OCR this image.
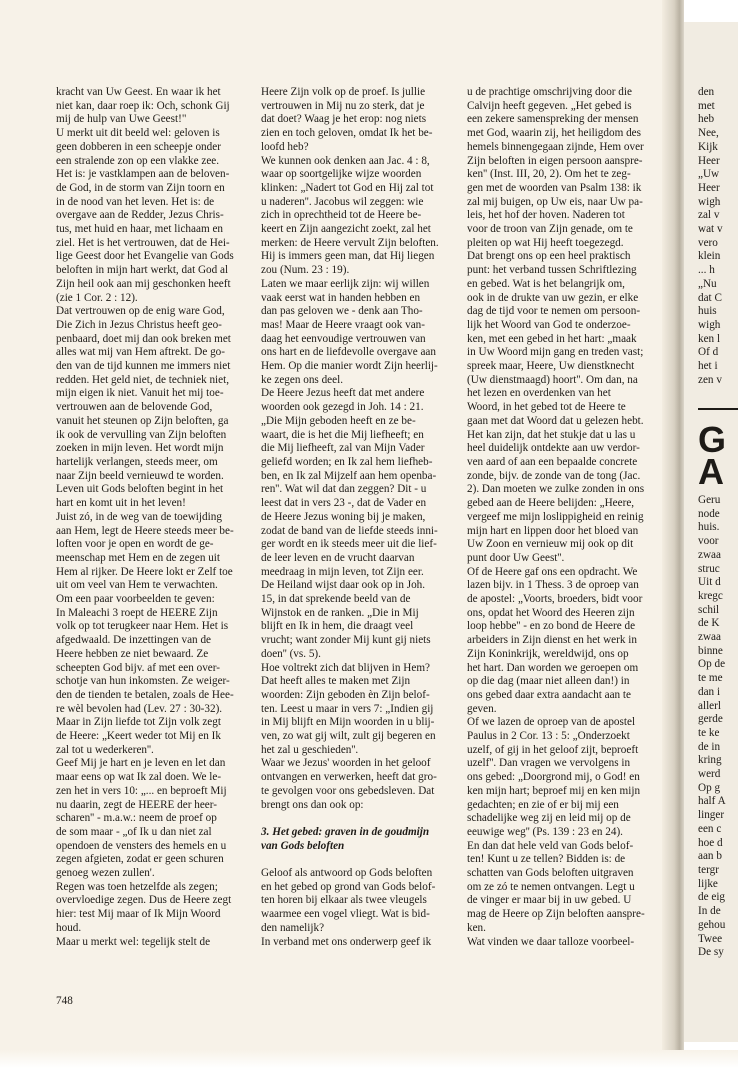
kracht van Uw Geest. En waar ik het

niet kan, daar roep ik: Och, schonk Gij

mij de hulp van Uwe Geest!"

U merkt uit dit beeld wel: geloven is

geen dobberen in een scheepje onder

een stralende zon op een vlakke zee.

Het is: je vastklampen aan de beloven-

de God, in de storm van Zijn toorn en

in de nood van het leven. Het is: de

overgave aan de Redder, Jezus Chris-

tus, met huid en haar, met lichaam en

ziel. Het is het vertrouwen, dat de Hei-

lige Geest door het Evangelie van Gods

beloften in mijn hart werkt, dat God al

Zijn heil ook aan mij geschonken heeft

(zie 1 Cor. 2 : 12).

Dat vertrouwen op de enig ware God,

Die Zich in Jezus Christus heeft geo-

penbaard, doet mij dan ook breken met

alles wat mij van Hem aftrekt. De go-

den van de tijd kunnen me immers niet

redden. Het geld niet, de techniek niet,

mijn eigen ik niet. Vanuit het mij toe-

vertrouwen aan de belovende God,

vanuit het steunen op Zijn beloften, ga

ik ook de vervulling van Zijn beloften

zoeken in mijn leven. Het wordt mijn

hartelijk verlangen, steeds meer, om

naar Zijn beeld vernieuwd te worden.

Leven uit Gods beloften begint in het

hart en komt uit in het leven!

Juist zó, in de weg van de toewijding

aan Hem, legt de Heere steeds meer be-

loften voor je open en wordt de ge-

meenschap met Hem en de zegen uit

Hem al rijker. De Heere lokt er Zelf toe

uit om veel van Hem te verwachten.

Om een paar voorbeelden te geven:

In Maleachi 3 roept de HEERE Zijn

volk op tot terugkeer naar Hem. Het is

afgedwaald. De inzettingen van de

Heere hebben ze niet bewaard. Ze

scheepten God bijv. af met een over-

schotje van hun inkomsten. Ze weiger-

den de tienden te betalen, zoals de Hee-

re wèl bevolen had (Lev. 27 : 30-32).

Maar in Zijn liefde tot Zijn volk zegt

de Heere: „Keert weder tot Mij en Ik

zal tot u wederkeren''.

Geef Mij je hart en je leven en let dan

maar eens op wat Ik zal doen. We le-

zen het in vers 10: „... en beproeft Mij

nu daarin, zegt de HEERE der heer-

scharen'' - m.a.w.: neem de proef op

de som maar - „of Ik u dan niet zal

opendoen de vensters des hemels en u

zegen afgieten, zodat er geen schuren

genoeg wezen zullen'.

Regen was toen hetzelfde als zegen;

overvloedige zegen. Dus de Heere zegt

hier: test Mij maar of Ik Mijn Woord

houd.

Maar u merkt wel: tegelijk stelt de

Heere Zijn volk op de proef. Is jullie

vertrouwen in Mij nu zo sterk, dat je

dat doet? Waag je het erop: nog niets

zien en toch geloven, omdat Ik het be-

loofd heb?

We kunnen ook denken aan Jac. 4 : 8,

waar op soortgelijke wijze woorden

klinken: „Nadert tot God en Hij zal tot

u naderen''. Jacobus wil zeggen: wie

zich in oprechtheid tot de Heere be-

keert en Zijn aangezicht zoekt, zal het

merken: de Heere vervult Zijn beloften.

Hij is immers geen man, dat Hij liegen

zou (Num. 23 : 19).

Laten we maar eerlijk zijn: wij willen

vaak eerst wat in handen hebben en

dan pas geloven we - denk aan Tho-

mas! Maar de Heere vraagt ook van-

daag het eenvoudige vertrouwen van

ons hart en de liefdevolle overgave aan

Hem. Op die manier wordt Zijn heerlij-

ke zegen ons deel.

De Heere Jezus heeft dat met andere

woorden ook gezegd in Joh. 14 : 21.

„Die Mijn geboden heeft en ze be-

waart, die is het die Mij liefheeft; en

die Mij liefheeft, zal van Mijn Vader

geliefd worden; en Ik zal hem liefheb-

ben, en Ik zal Mijzelf aan hem openba-

ren''. Wat wil dat dan zeggen? Dit - u

leest dat in vers 23 -, dat de Vader en

de Heere Jezus woning bij je maken,

zodat de band van de liefde steeds inni-

ger wordt en ik steeds meer uit die lief-

de leer leven en de vrucht daarvan

meedraag in mijn leven, tot Zijn eer.

De Heiland wijst daar ook op in Joh.

15, in dat sprekende beeld van de

Wijnstok en de ranken. „Die in Mij

blijft en Ik in hem, die draagt veel

vrucht; want zonder Mij kunt gij niets

doen'' (vs. 5).

Hoe voltrekt zich dat blijven in Hem?

Dat heeft alles te maken met Zijn

woorden: Zijn geboden èn Zijn belof-

ten. Leest u maar in vers 7: „Indien gij

in Mij blijft en Mijn woorden in u blij-

ven, zo wat gij wilt, zult gij begeren en

het zal u geschieden''.

Waar we Jezus' woorden in het geloof

ontvangen en verwerken, heeft dat gro-

te gevolgen voor ons gebedsleven. Dat

brengt ons dan ook op:

3. Het gebed: graven in de goudmijn

van Gods beloften

Geloof als antwoord op Gods beloften

en het gebed op grond van Gods belof-

ten horen bij elkaar als twee vleugels

waarmee een vogel vliegt. Wat is bid-

den namelijk?

In verband met ons onderwerp geef ik

u de prachtige omschrijving door die

Calvijn heeft gegeven. „Het gebed is

een zekere samenspreking der mensen

met God, waarin zij, het heiligdom des

hemels binnengegaan zijnde, Hem over

Zijn beloften in eigen persoon aanspre-

ken'' (Inst. III, 20, 2). Om het te zeg-

gen met de woorden van Psalm 138: ik

zal mij buigen, op Uw eis, naar Uw pa-

leis, het hof der hoven. Naderen tot

voor de troon van Zijn genade, om te

pleiten op wat Hij heeft toegezegd.

Dat brengt ons op een heel praktisch

punt: het verband tussen Schriftlezing

en gebed. Wat is het belangrijk om,

ook in de drukte van uw gezin, er elke

dag de tijd voor te nemen om persoon-

lijk het Woord van God te onderzoe-

ken, met een gebed in het hart: „maak

in Uw Woord mijn gang en treden vast;

spreek maar, Heere, Uw dienstknecht

(Uw dienstmaagd) hoort''. Om dan, na

het lezen en overdenken van het

Woord, in het gebed tot de Heere te

gaan met dat Woord dat u gelezen hebt.

Het kan zijn, dat het stukje dat u las u

heel duidelijk ontdekte aan uw verdor-

ven aard of aan een bepaalde concrete

zonde, bijv. de zonde van de tong (Jac.

2). Dan moeten we zulke zonden in ons

gebed aan de Heere belijden: „Heere,

vergeef me mijn loslippigheid en reinig

mijn hart en lippen door het bloed van

Uw Zoon en vernieuw mij ook op dit

punt door Uw Geest''.

Of de Heere gaf ons een opdracht. We

lazen bijv. in 1 Thess. 3 de oproep van

de apostel: „Voorts, broeders, bidt voor

ons, opdat het Woord des Heeren zijn

loop hebbe'' - en zo bond de Heere de

arbeiders in Zijn dienst en het werk in

Zijn Koninkrijk, wereldwijd, ons op

het hart. Dan worden we geroepen om

op die dag (maar niet alleen dan!) in

ons gebed daar extra aandacht aan te

geven.

Of we lazen de oproep van de apostel

Paulus in 2 Cor. 13 : 5: „Onderzoekt

uzelf, of gij in het geloof zijt, beproeft

uzelf''. Dan vragen we vervolgens in

ons gebed: „Doorgrond mij, o God! en

ken mijn hart; beproef mij en ken mijn

gedachten; en zie of er bij mij een

schadelijke weg zij en leid mij op de

eeuwige weg'' (Ps. 139 : 23 en 24).

En dan dat hele veld van Gods belof-

ten! Kunt u ze tellen? Bidden is: de

schatten van Gods beloften uitgraven

om ze zó te nemen ontvangen. Legt u

de vinger er maar bij in uw gebed. U

mag de Heere op Zijn beloften aanspre-

ken.

Wat vinden we daar talloze voorbeel-

748

den

met

heb

Nee,

Kijk

Heer

„Uw

Heer

wigh

zal v

wat v

vero

klein

... h

„Nu

dat C

huis

wigh

ken l

Of d

het i

zen v

G
A

Geru

node

huis.

voor

zwaa

struc

Uit d

kregc

schil

de K

zwaa

binne

Op de

te me

dan i

allerl

gerde

te ke

de in

kring

werd

Op g

half A

linger

een c

hoe d

aan b

tergr

lijke

de eig

In de

gehou

Twee

De sy
